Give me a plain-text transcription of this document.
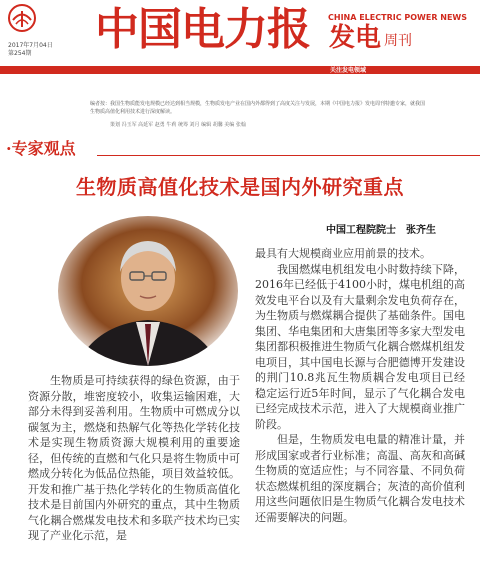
2017年7月04日
第254期 中国电力报 CHINA ELECTRIC POWER NEWS
发电 周刊
关注发电领域
编者按：我国生物质能发电规模已经达到相当规模，生物质发电产业在国内外都得到了高度关注与发展，本期《中国电力报》发电周刊特邀专家，就我国生物质高值化利用技术进行深度解读。
策划 冯玉军 高延军 赵勇 牛莉 统筹 刘月 编辑 胡馨 美编 张翰
·专家观点
生物质高值化技术是国内外研究重点
中国工程院院士　张齐生
生物质是可持续获得的绿色资源，由于资源分散，堆密度较小，收集运输困难，大部分未得到妥善利用。生物质中可燃成分以碳氢为主，燃烧和热解气化等热化学转化技术是实现生物质资源大规模利用的重要途径，但传统的直燃和气化只是将生物质中可燃成分转化为低品位热能，项目效益较低。开发和推广基于热化学转化的生物质高值化技术是目前国内外研究的重点，其中生物质气化耦合燃煤发电技术和多联产技术均已实现了产业化示范，是

最具有大规模商业应用前景的技术。

我国燃煤电机组发电小时数持续下降，2016年已经低于4100小时，煤电机组的高效发电平台以及有大量剩余发电负荷存在，为生物质与燃煤耦合提供了基础条件。国电集团、华电集团和大唐集团等多家大型发电集团都积极推进生物质气化耦合燃煤机组发电项目，其中国电长源与合肥德博开发建设的荆门10.8兆瓦生物质耦合发电项目已经稳定运行近5年时间，显示了气化耦合发电已经完成技术示范，进入了大规模商业推广阶段。

但是，生物质发电电量的精准计量，并形成国家或者行业标准；高温、高灰和高碱生物质的宽适应性；与不同容量、不同负荷状态燃煤机组的深度耦合；灰渣的高价值利用这些问题依旧是生物质气化耦合发电技术还需要解决的问题。
